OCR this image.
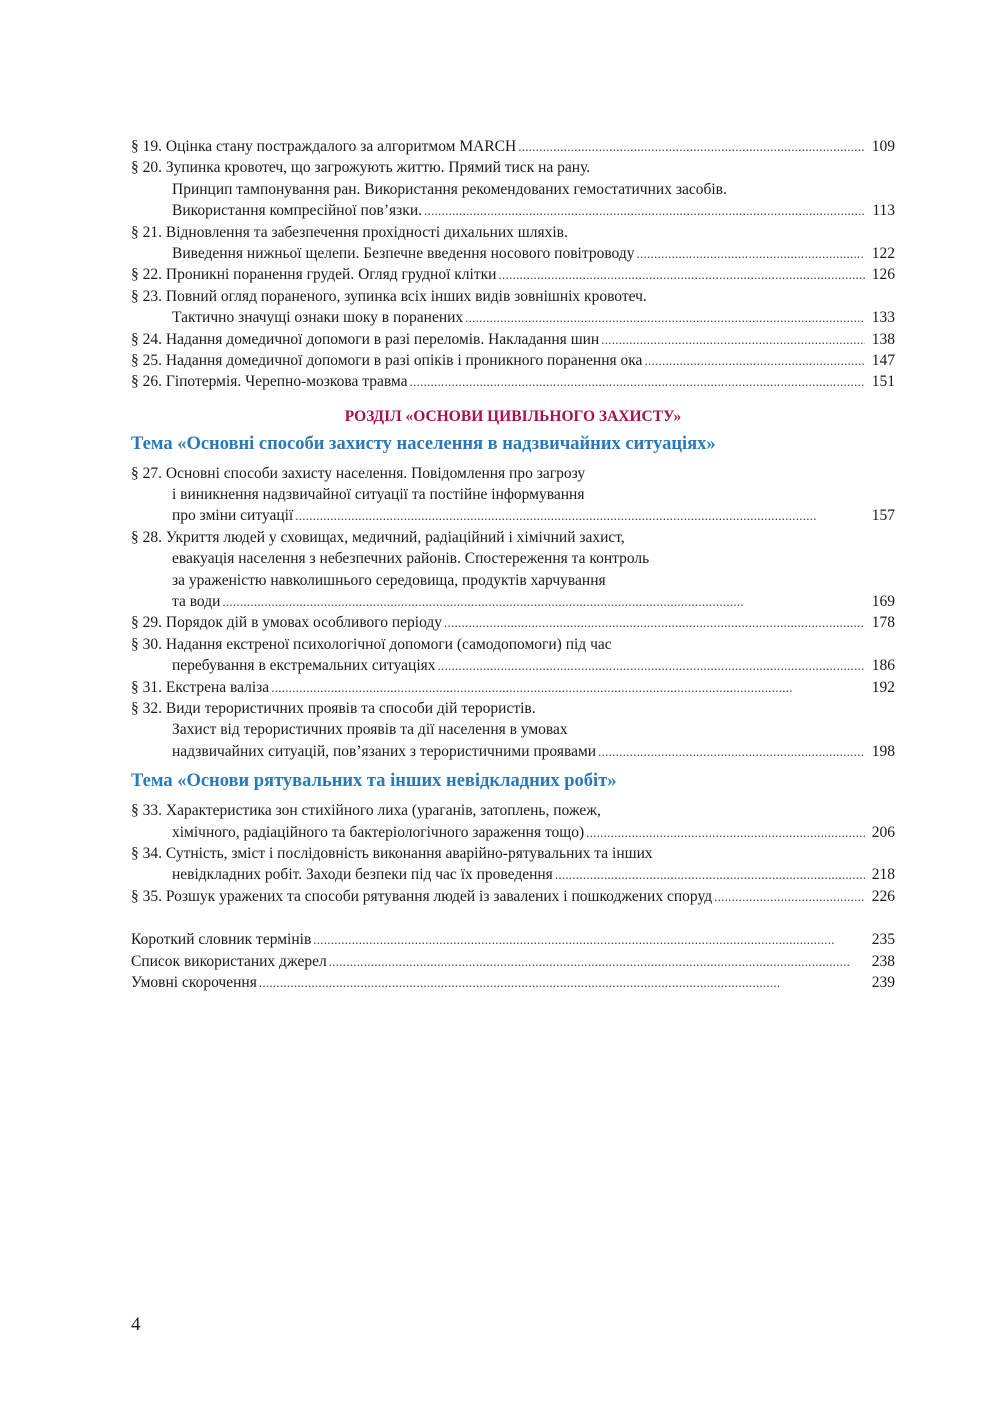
§ 19. Оцінка стану постраждалого за алгоритмом MARCH . . .	109
§ 20. Зупинка кровотеч, що загрожують життю. Прямий тиск на рану.
Принцип тампонування ран. Використання рекомендованих гемостатичних засобів.
Використання компресійної пов’язки. . . .	113
§ 21. Відновлення та забезпечення прохідності дихальних шляхів.
Виведення нижньої щелепи. Безпечне введення носового повітроводу . . .	122
§ 22. Проникні поранення грудей. Огляд грудної клітки . . .	126
§ 23. Повний огляд пораненого, зупинка всіх інших видів зовнішніх кровотеч.
Тактично значущі ознаки шоку в поранених . . .	133
§ 24. Надання домедичної допомоги в разі переломів. Накладання шин . . .	138
§ 25. Надання домедичної допомоги в разі опіків і проникного поранення ока . . .	147
§ 26. Гіпотермія. Черепно-мозкова травма . . .	151
РОЗДІЛ «ОСНОВИ ЦИВІЛЬНОГО ЗАХИСТУ»
Тема «Основні способи захисту населення в надзвичайних ситуаціях»
§ 27. Основні способи захисту населення. Повідомлення про загрозу
і виникнення надзвичайної ситуації та постійне інформування
про зміни ситуації . . .	157
§ 28. Укриття людей у сховищах, медичний, радіаційний і хімічний захист,
евакуація населення з небезпечних районів. Спостереження та контроль
за ураженістю навколишнього середовища, продуктів харчування
та води . . .	169
§ 29. Порядок дій в умовах особливого періоду . . .	178
§ 30. Надання екстреної психологічної допомоги (самодопомоги) під час
перебування в екстремальних ситуаціях . . .	186
§ 31. Екстрена валіза . . .	192
§ 32. Види терористичних проявів та способи дій терористів.
Захист від терористичних проявів та дії населення в умовах
надзвичайних ситуацій, пов’язаних з терористичними проявами . . .	198
Тема «Основи рятувальних та інших невідкладних робіт»
§ 33. Характеристика зон стихійного лиха (ураганів, затоплень, пожеж,
хімічного, радіаційного та бактеріологічного зараження тощо) . . .	206
§ 34. Сутність, зміст і послідовність виконання аварійно-рятувальних та інших
невідкладних робіт. Заходи безпеки під час їх проведення . . .	218
§ 35. Розшук уражених та способи рятування людей із завалених і пошкоджених споруд . . .	226
Короткий словник термінів . . .	235
Список використаних джерел . . .	238
Умовні скорочення . . .	239
4
